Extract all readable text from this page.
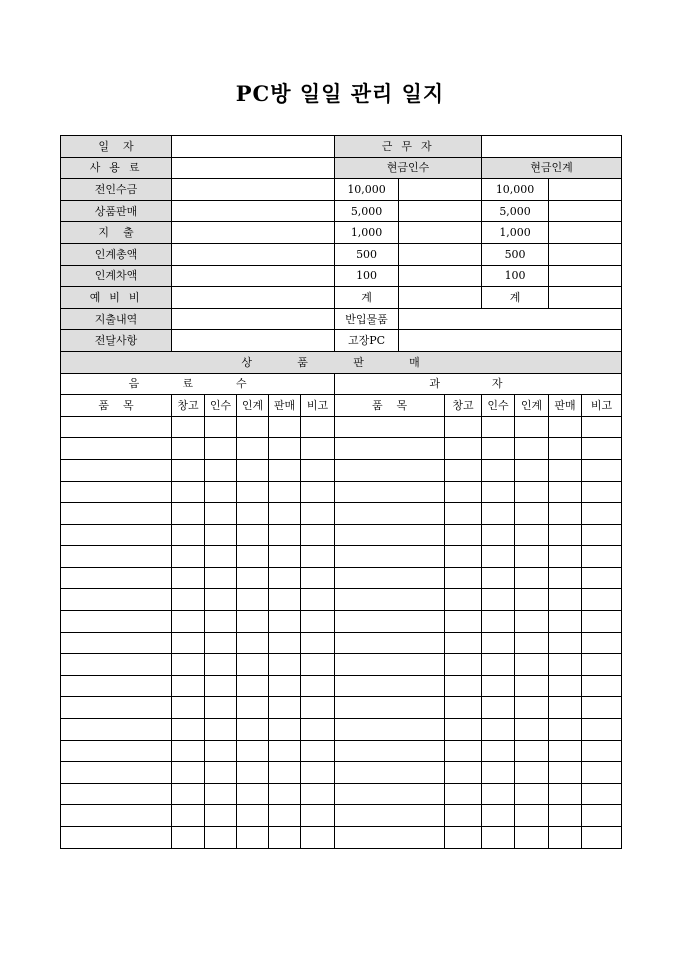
PC방 일일 관리 일지
일    자						근 무 자						
사 용 료						현금인수			현금인계			
전인수금						10,000			10,000			
상품판매						5,000			5,000			
지    출						1,000			1,000			
인계총액						500			500			
인계차액						100			100			
예 비 비						계			계			
지출내역						반입물품						
전달사항						고장PC						
상 품 판 매												
음 료 수						과 자						
품    목	창고	인수	인계	판매	비고	품    목		창고	인수	인계	판매	비고
